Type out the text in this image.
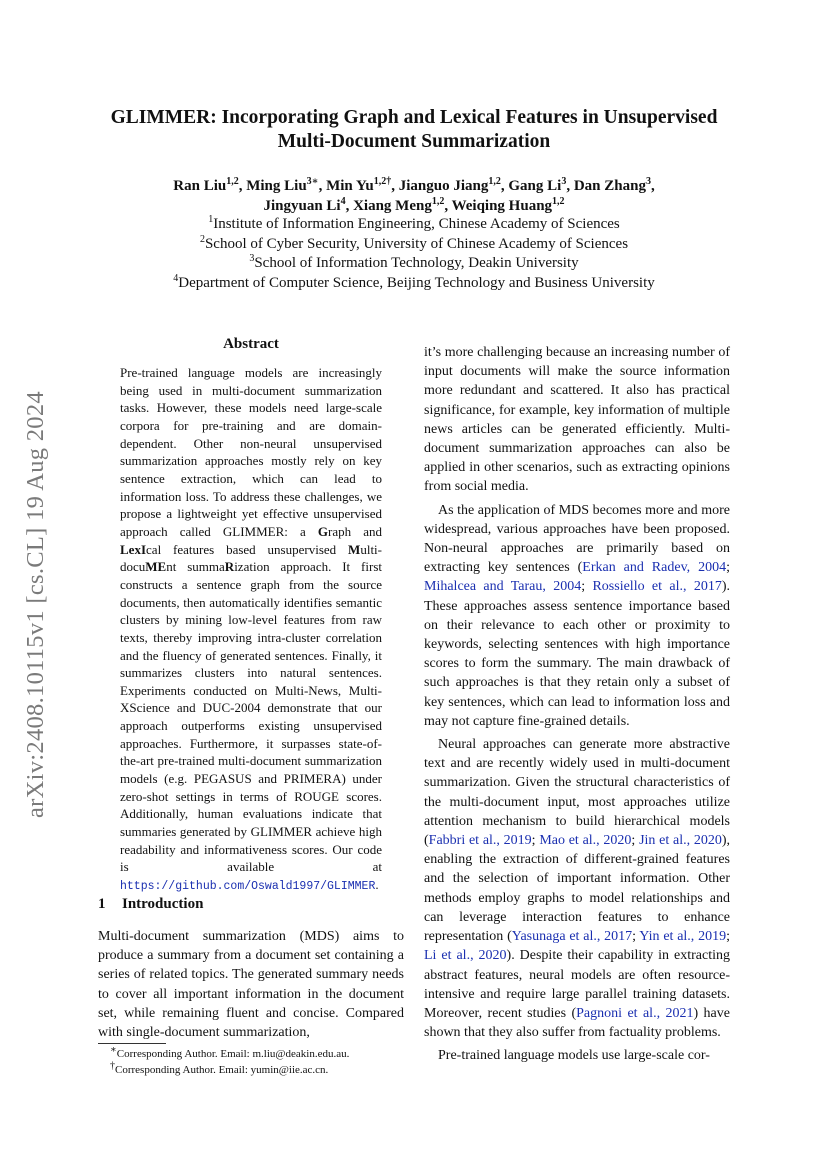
arXiv:2408.10115v1 [cs.CL] 19 Aug 2024
GLIMMER: Incorporating Graph and Lexical Features in Unsupervised
Multi-Document Summarization
Ran Liu$^{1,2}$, Ming Liu$^{3∗}$, Min $Yu^{1,2\dagger}$, Jianguo Jiang$^{1,2}$, Gang Li$^3$, Dan Zhang$^3$,
Jingyuan Li$^4$, Xiang Meng$^{1,2}$, Weiqing Huang$^{1,2}$
$^1$Institute of Information Engineering, Chinese Academy of Sciences
$^2$School of Cyber Security, University of Chinese Academy of Sciences
$^3$School of Information Technology, Deakin University
$^4$Department of Computer Science, Beijing Technology and Business University
Abstract
Pre-trained language models are increasingly being used in multi-document summarization tasks. However, these models need large-scale corpora for pre-training and are domain-dependent. Other non-neural unsupervised summarization approaches mostly rely on key sentence extraction, which can lead to information loss. To address these challenges, we propose a lightweight yet effective unsupervised approach called GLIMMER: a Graph and LexIcal features based unsupervised Multi-docuMEnt summaRization approach. It first constructs a sentence graph from the source documents, then automatically identifies semantic clusters by mining low-level features from raw texts, thereby improving intra-cluster correlation and the fluency of generated sentences. Finally, it summarizes clusters into natural sentences. Experiments conducted on Multi-News, Multi-XScience and DUC-2004 demonstrate that our approach outperforms existing unsupervised approaches. Furthermore, it surpasses state-of-the-art pre-trained multi-document summarization models (e.g. PEGASUS and PRIMERA) under zero-shot settings in terms of ROUGE scores. Additionally, human evaluations indicate that summaries generated by GLIMMER achieve high readability and informativeness scores. Our code is available at https://github.com/Oswald1997/GLIMMER.
1 Introduction
Multi-document summarization (MDS) aims to produce a summary from a document set containing a series of related topics. The generated summary needs to cover all important information in the document set, while remaining fluent and concise. Compared with single-document summarization,
∗Corresponding Author. Email: m.liu@deakin.edu.au.
†Corresponding Author. Email: yumin@iie.ac.cn.

it’s more challenging because an increasing number of input documents will make the source information more redundant and scattered. It also has practical significance, for example, key information of multiple news articles can be generated efficiently. Multi-document summarization approaches can also be applied in other scenarios, such as extracting opinions from social media.

As the application of MDS becomes more and more widespread, various approaches have been proposed. Non-neural approaches are primarily based on extracting key sentences (Erkan and Radev, 2004; Mihalcea and Tarau, 2004; Rossiello et al., 2017). These approaches assess sentence importance based on their relevance to each other or proximity to keywords, selecting sentences with high importance scores to form the summary. The main drawback of such approaches is that they retain only a subset of key sentences, which can lead to information loss and may not capture fine-grained details.

Neural approaches can generate more abstractive text and are recently widely used in multi-document summarization. Given the structural characteristics of the multi-document input, most approaches utilize attention mechanism to build hierarchical models (Fabbri et al., 2019; Mao et al., 2020; Jin et al., 2020), enabling the extraction of different-grained features and the selection of important information. Other methods employ graphs to model relationships and can leverage interaction features to enhance representation (Yasunaga et al., 2017; Yin et al., 2019; Li et al., 2020). Despite their capability in extracting abstract features, neural models are often resource-intensive and require large parallel training datasets. Moreover, recent studies (Pagnoni et al., 2021) have shown that they also suffer from factuality problems.

Pre-trained language models use large-scale cor-
